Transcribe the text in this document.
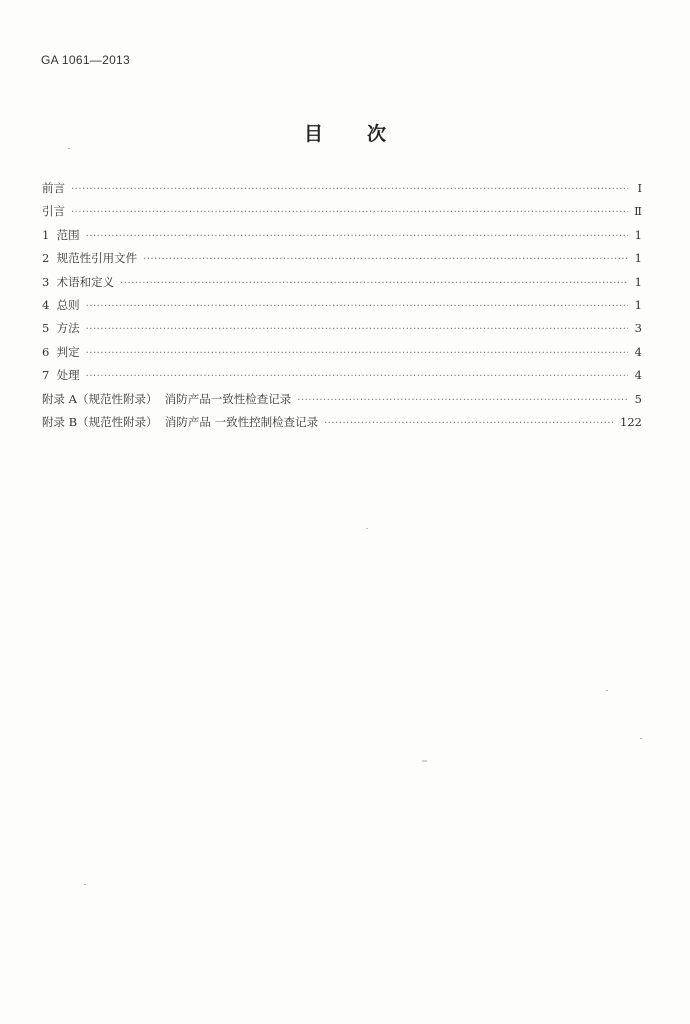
GA 1061—2013
目 次
前言 ·····	Ⅰ
引言 ·····	Ⅱ
1  范围 ·····	1
2  规范性引用文件 ·····	1
3  术语和定义 ·····	1
4  总则 ·····	1
5  方法 ·····	3
6  判定 ·····	4
7  处理 ·····	4
附录 A（规范性附录）  消防产品一致性检查记录 ·····	5
附录 B（规范性附录）  消防产品 一致性控制检查记录 ·····	122
